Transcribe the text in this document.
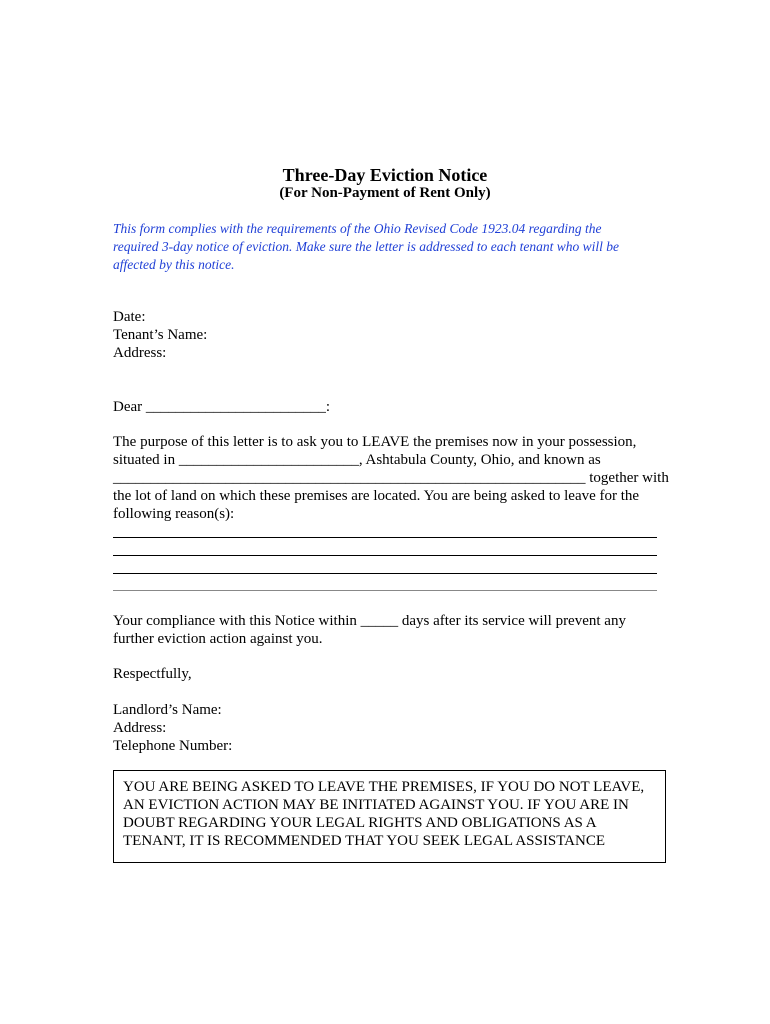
Three-Day Eviction Notice
(For Non-Payment of Rent Only)
This form complies with the requirements of the Ohio Revised Code 1923.04 regarding the
required 3-day notice of eviction. Make sure the letter is addressed to each tenant who will be
affected by this notice.
Date:
Tenant’s Name:
Address:
Dear ________________________:
The purpose of this letter is to ask you to LEAVE the premises now in your possession,
situated in ________________________, Ashtabula County, Ohio, and known as
_______________________________________________________________ together with
the lot of land on which these premises are located. You are being asked to leave for the
following reason(s):
Your compliance with this Notice within _____ days after its service will prevent any
further eviction action against you.
Respectfully,
Landlord’s Name:
Address:
Telephone Number:
YOU ARE BEING ASKED TO LEAVE THE PREMISES, IF YOU DO NOT LEAVE,
AN EVICTION ACTION MAY BE INITIATED AGAINST YOU. IF YOU ARE IN
DOUBT REGARDING YOUR LEGAL RIGHTS AND OBLIGATIONS AS A
TENANT, IT IS RECOMMENDED THAT YOU SEEK LEGAL ASSISTANCE
